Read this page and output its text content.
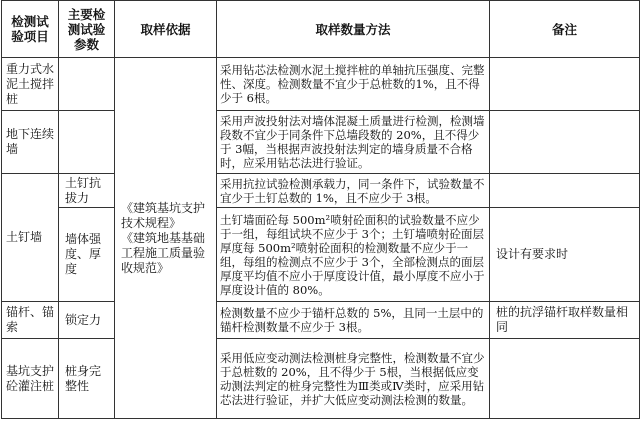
检测试验项目	主要检测试验参数	取样依据	取样数量方法	备注
重力式水泥土搅拌桩		《建筑基坑支护
技术规程》
《建筑地基基础
工程施工质量验
收规范》	采用钻芯法检测水泥土搅拌桩的单轴抗压强度、完整性、深度。检测数量不宜少于总桩数的1%，且不得少于 6根。	
地下连续墙			采用声波投射法对墙体混凝土质量进行检测，检测墙段数不宜少于同条件下总墙段数的 20%，且不得少于 3幅，当根据声波投射法判定的墙身质量不合格时，应采用钻芯法进行验证。	
土钉墙	土钉抗拔力		采用抗拉试验检测承载力，同一条件下，试验数量不宜少于土钉总数的 1%，且不应少于 3根。	
	墙体强度、厚度		土钉墙面砼每 500m²喷射砼面积的试验数量不应少于一组，每组试块不应少于 3个；土钉墙喷射砼面层厚度每 500m²喷射砼面积的检测数量不应少于一组，每组的检测点不应少于 3个，全部检测点的面层厚度平均值不应小于厚度设计值，最小厚度不应小于厚度设计值的 80%。	设计有要求时
锚杆、锚索	锁定力		检测数量不应少于锚杆总数的 5%，且同一土层中的锚杆检测数量不应少于 3根。	桩的抗浮锚杆取样数量相同
基坑支护砼灌注桩	桩身完整性		采用低应变动测法检测桩身完整性，检测数量不宜少于总桩数的 20%，且不得少于 5根，当根据低应变动测法判定的桩身完整性为Ⅲ类或Ⅳ类时，应采用钻芯法进行验证，并扩大低应变动测法检测的数量。	
